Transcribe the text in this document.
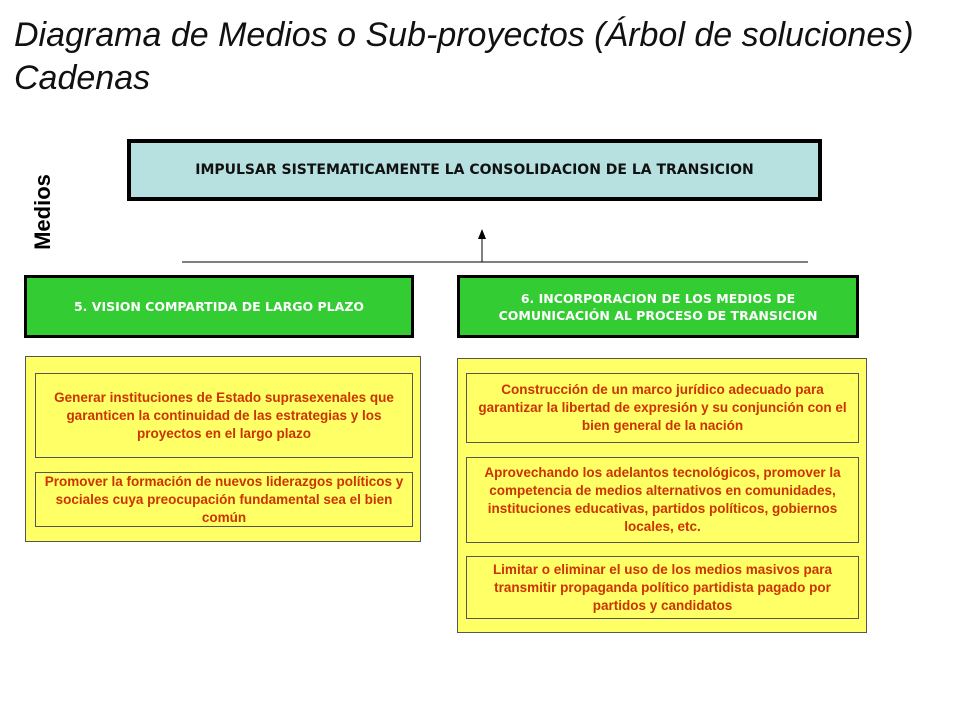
Diagrama de Medios o Sub-proyectos (Árbol de soluciones) Cadenas
Medios
IMPULSAR SISTEMATICAMENTE LA CONSOLIDACION DE LA TRANSICION
5. VISION COMPARTIDA DE LARGO PLAZO
6. INCORPORACION DE LOS MEDIOS DE COMUNICACIÓN AL PROCESO DE TRANSICION
Generar instituciones de Estado suprasexenales que garanticen la continuidad de las estrategias y los proyectos en el largo plazo
Promover la formación de nuevos liderazgos políticos y sociales cuya preocupación fundamental sea el bien común
Construcción de un marco jurídico adecuado para garantizar la libertad de expresión y su conjunción con el bien general de la nación
Aprovechando los adelantos tecnológicos, promover la competencia de medios alternativos en comunidades, instituciones educativas, partidos políticos, gobiernos locales, etc.
Limitar o eliminar el uso de los medios masivos para transmitir propaganda político partidista pagado por partidos y candidatos
